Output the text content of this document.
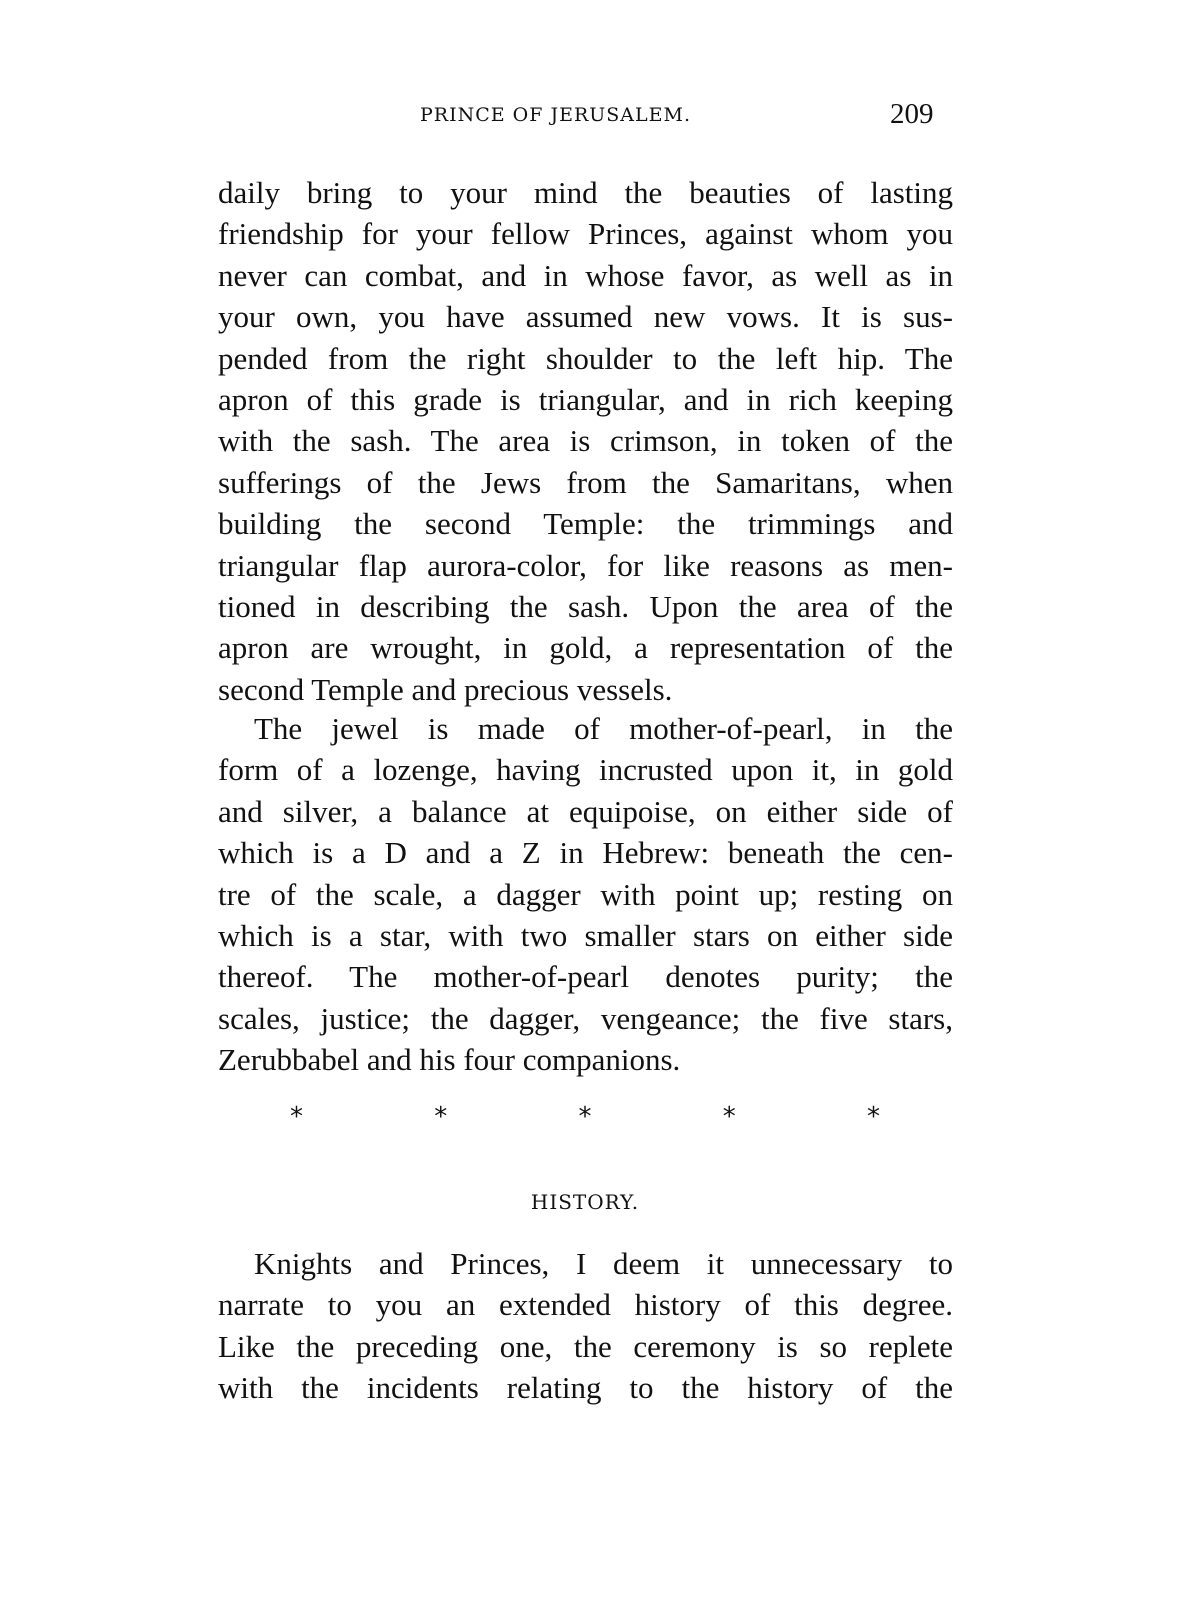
PRINCE OF JERUSALEM.	209
daily bring to your mind the beauties of lasting
friendship for your fellow Princes, against whom you
never can combat, and in whose favor, as well as in
your own, you have assumed new vows. It is sus-
pended from the right shoulder to the left hip. The
apron of this grade is triangular, and in rich keeping
with the sash. The area is crimson, in token of the
sufferings of the Jews from the Samaritans, when
building the second Temple: the trimmings and
triangular flap aurora-color, for like reasons as men-
tioned in describing the sash. Upon the area of the
apron are wrought, in gold, a representation of the
second Temple and precious vessels.
The jewel is made of mother-of-pearl, in the
form of a lozenge, having incrusted upon it, in gold
and silver, a balance at equipoise, on either side of
which is a D and a Z in Hebrew: beneath the cen-
tre of the scale, a dagger with point up; resting on
which is a star, with two smaller stars on either side
thereof. The mother-of-pearl denotes purity; the
scales, justice; the dagger, vengeance; the five stars,
Zerubbabel and his four companions.
*	*	*	*	*
HISTORY.
Knights and Princes, I deem it unnecessary to
narrate to you an extended history of this degree.
Like the preceding one, the ceremony is so replete
with the incidents relating to the history of the
